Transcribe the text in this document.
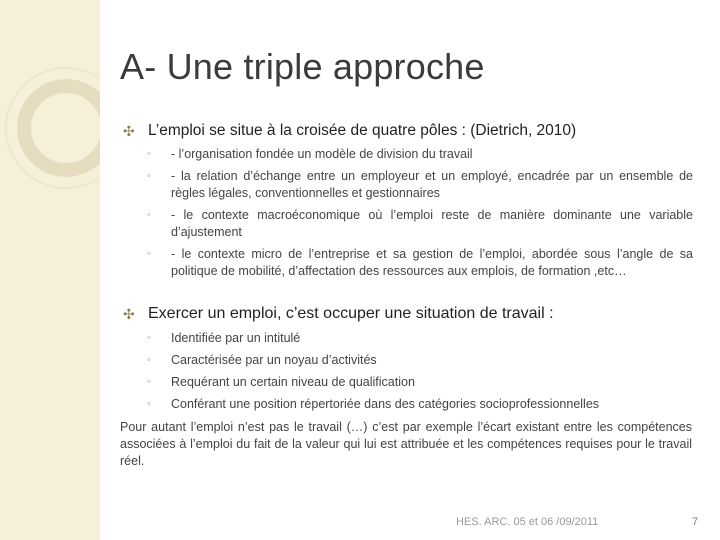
A- Une triple approche
✣ L’emploi se situe à la croisée de quatre pôles : (Dietrich, 2010)
◦ - l’organisation fondée un modèle de division du travail
◦ - la relation d’échange entre un employeur et un employé, encadrée par un ensemble de règles légales, conventionnelles et gestionnaires
◦ - le contexte macroéconomique où l’emploi reste de manière dominante une variable d’ajustement
◦ - le contexte micro de l’entreprise et sa gestion de l’emploi, abordée sous l’angle de sa politique de mobilité, d’affectation des ressources aux emplois, de formation ,etc…
✣ Exercer un emploi, c’est occuper une situation de travail :
◦ Identifiée par un intitulé
◦ Caractérisée par un noyau d’activités
◦ Requérant un certain niveau de qualification
◦ Conférant une position répertoriée dans des catégories socioprofessionnelles
Pour autant l’emploi n’est pas le travail (…) c’est par exemple l’écart existant entre les compétences associées à l’emploi du fait de la valeur qui lui est attribuée et les compétences requises pour le travail réel.
HES. ARC. 05 et 06 /09/2011	7
